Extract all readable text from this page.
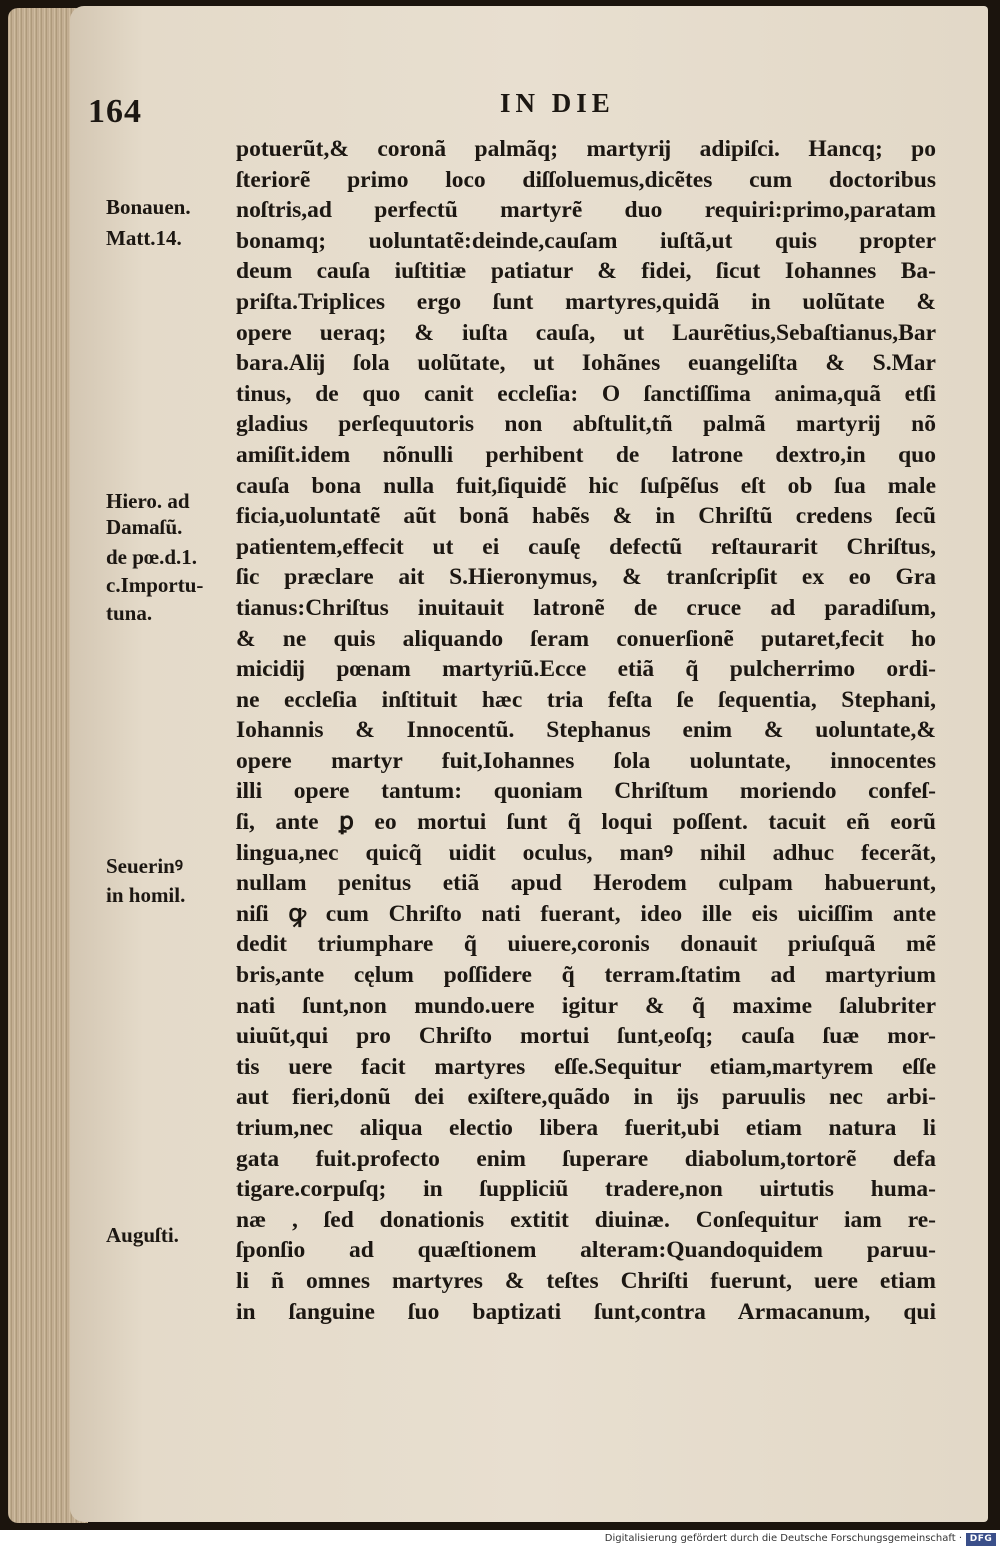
164	IN DIE
potuerũt,& coronã palmãq; martyrĳ adipiſci. Hancq; po
ſteriorẽ primo loco diſſoluemus,dicẽtes cum doctoribus
noſtris,ad perfectũ martyrẽ duo requiri:primo,paratam
bonamq; uoluntatẽ:deinde,cauſam iuſtã,ut quis propter
deum cauſa iuſtitiæ patiatur & fidei, ſicut Iohannes Ba-
priſta.Triplices ergo ſunt martyres,quidã in uolũtate &
opere ueraq; & iuſta cauſa, ut Laurẽtius,Sebaſtianus,Bar
bara.Alĳ ſola uolũtate, ut Iohãnes euangeliſta & S.Mar
tinus, de quo canit eccleſia: O ſanctiſſima anima,quã etſi
gladius perſequutoris non abſtulit,tñ palmã martyrĳ nõ
amiſit.idem nõnulli perhibent de latrone dextro,in quo
cauſa bona nulla fuit,ſiquidẽ hic ſuſpẽſus eſt ob ſua male
ficia,uoluntatẽ aũt bonã habẽs & in Chriſtũ credens ſecũ
patientem,effecit ut ei cauſę defectũ reſtaurarit Chriſtus,
ſic præclare ait S.Hieronymus, & tranſcripſit ex eo Gra
tianus:Chriſtus inuitauit latronẽ de cruce ad paradiſum,
& ne quis aliquando ſeram conuerſionẽ putaret,fecit ho
micidĳ pœnam martyriũ.Ecce etiã q̃ pulcherrimo ordi-
ne eccleſia inſtituit hæc tria feſta ſe ſequentia, Stephani,
Iohannis & Innocentũ. Stephanus enim & uoluntate,&
opere martyr fuit,Iohannes ſola uoluntate, innocentes
illi opere tantum: quoniam Chriſtum moriendo confeſ-
ſi, ante ꝑ eo mortui ſunt q̃ loqui poſſent. tacuit eñ eorũ
lingua,nec quicq̃ uidit oculus, manꝰ nihil adhuc fecerãt,
nullam penitus etiã apud Herodem culpam habuerunt,
niſi ꝙ cum Chriſto nati fuerant, ideo ille eis uiciſſim ante
dedit triumphare q̃ uiuere,coronis donauit priuſquã mẽ
bris,ante cęlum poſſidere q̃ terram.ſtatim ad martyrium
nati ſunt,non mundo.uere igitur & q̃ maxime ſalubriter
uiuũt,qui pro Chriſto mortui ſunt,eoſq; cauſa ſuæ mor-
tis uere facit martyres eſſe.Sequitur etiam,martyrem eſſe
aut fieri,donũ dei exiſtere,quãdo in ĳs paruulis nec arbi-
trium,nec aliqua electio libera fuerit,ubi etiam natura li
gata fuit.profecto enim ſuperare diabolum,tortorẽ defa
tigare.corpuſq; in ſuppliciũ tradere,non uirtutis huma-
næ , ſed donationis extitit diuinæ. Conſequitur iam re-
ſponſio ad quæſtionem alteram:Quandoquidem paruu-
li ñ omnes martyres & teſtes Chriſti fuerunt, uere etiam
in ſanguine ſuo baptizati ſunt,contra Armacanum, qui
Bonauen.
Matt.14.
Hiero. ad
Damaſũ.
de pœ.d.1.
c.Importu-
tuna.
Seuerinꝰ
in homil.
Auguſti.
Digitalisierung gefördert durch die Deutsche Forschungsgemeinschaft · DFG
